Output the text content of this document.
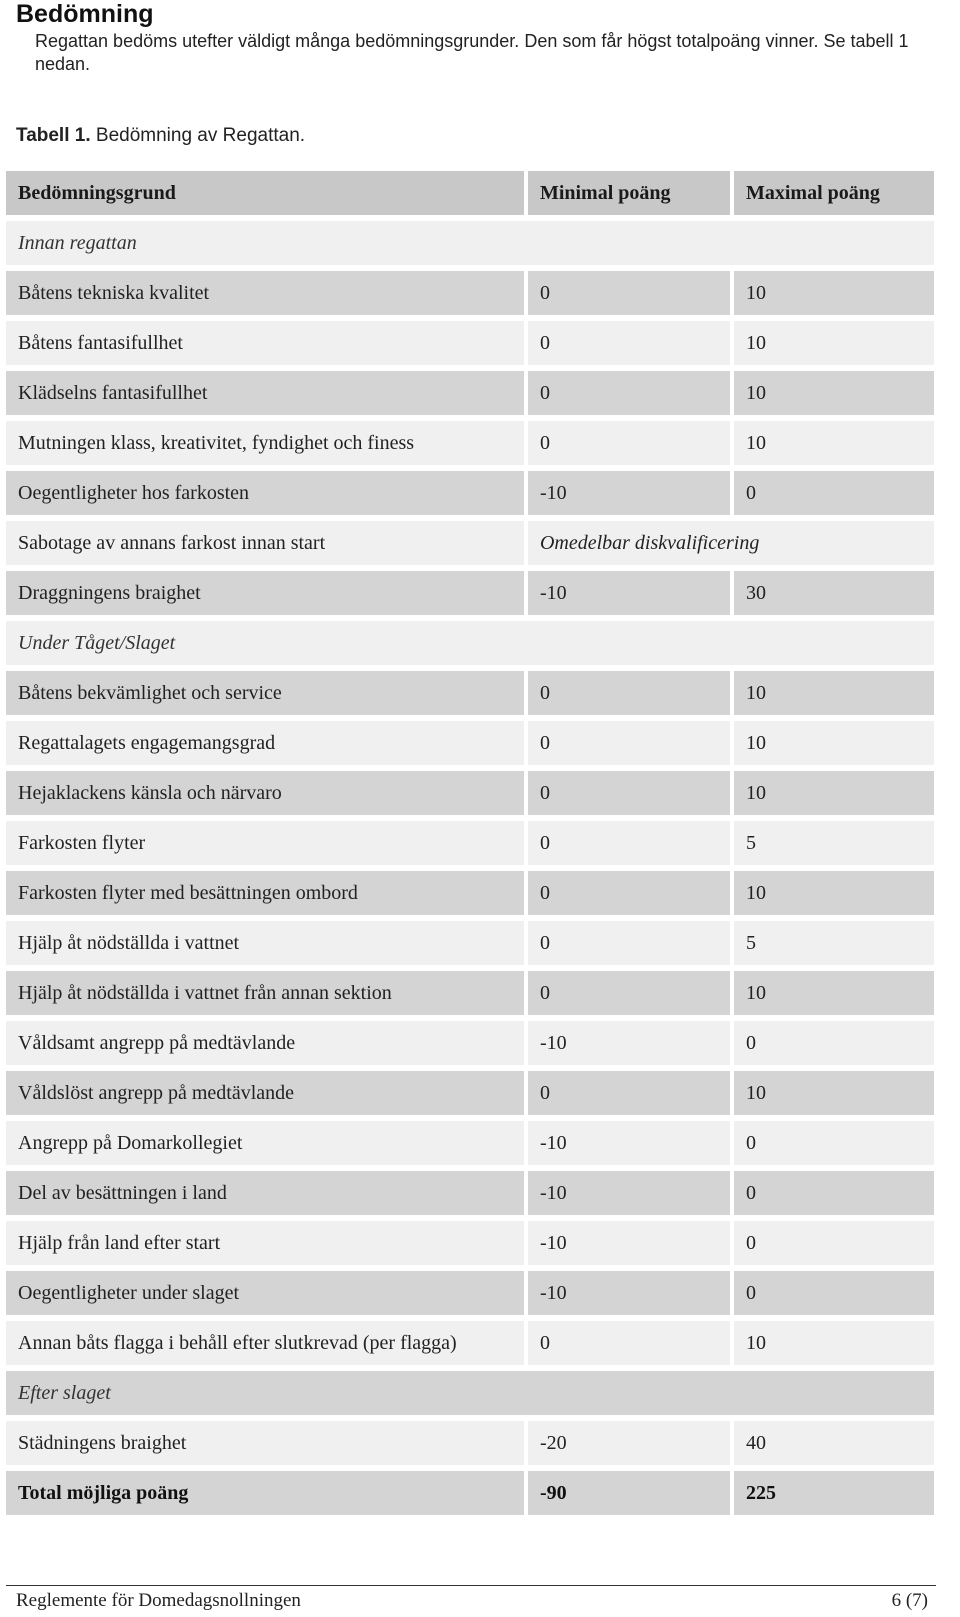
Bedömning
Regattan bedöms utefter väldigt många bedömningsgrunder. Den som får högst totalpoäng vinner. Se tabell 1 nedan.
Tabell 1. Bedömning av Regattan.
Bedömningsgrund	Minimal poäng	Maximal poäng
Innan regattan		
Båtens tekniska kvalitet	0	10
Båtens fantasifullhet	0	10
Klädselns fantasifullhet	0	10
Mutningen klass, kreativitet, fyndighet och finess	0	10
Oegentligheter hos farkosten	-10	0
Sabotage av annans farkost innan start	Omedelbar diskvalificering	
Draggningens braighet	-10	30
Under Tåget/Slaget		
Båtens bekvämlighet och service	0	10
Regattalagets engagemangsgrad	0	10
Hejaklackens känsla och närvaro	0	10
Farkosten flyter	0	5
Farkosten flyter med besättningen ombord	0	10
Hjälp åt nödställda i vattnet	0	5
Hjälp åt nödställda i vattnet från annan sektion	0	10
Våldsamt angrepp på medtävlande	-10	0
Våldslöst angrepp på medtävlande	0	10
Angrepp på Domarkollegiet	-10	0
Del av besättningen i land	-10	0
Hjälp från land efter start	-10	0
Oegentligheter under slaget	-10	0
Annan båts flagga i behåll efter slutkrevad (per flagga)	0	10
Efter slaget		
Städningens braighet	-20	40
Total möjliga poäng	-90	225
Reglemente för Domedagsnollningen	6 (7)
